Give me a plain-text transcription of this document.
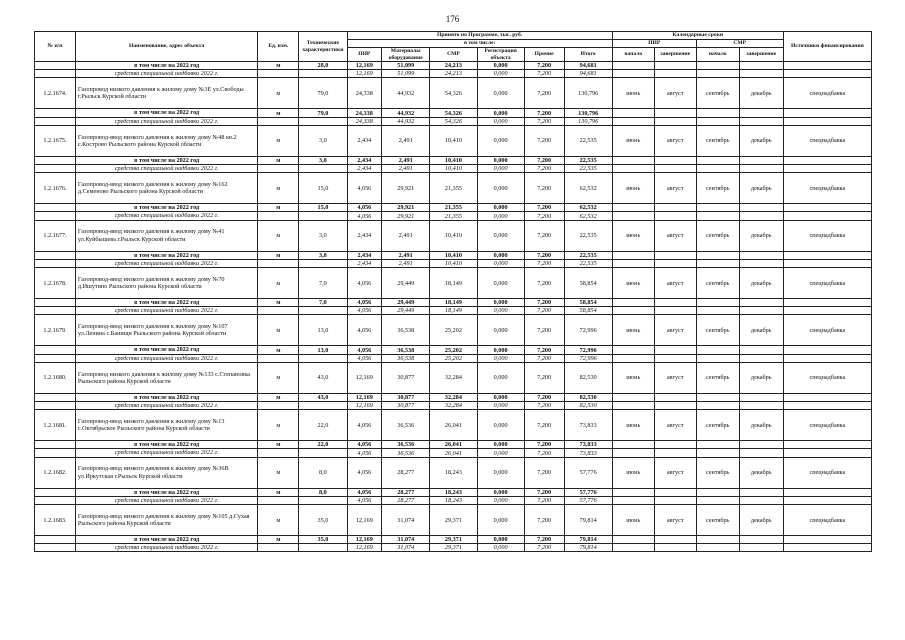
176
№ п/п	Наименование, адрес объекта	Ед. изм.	Технические характеристики	Принято по Программе, тыс. руб.						Календарные сроки				Источники финансирования
				в том числе:						ПИР		СМР		
				ПИР	Материалы оборудование	СМР	Регистрация объекта	Прочие	Итого	начало	завершение	начало	завершение	
	в том числе на 2022 год	м	28,0	12,169	51,099	24,213	0,000	7,200	94,681					
	средства специальной надбавки 2022 г.			12,169	51,099	24,213	0,000	7,200	94,681					
1.2.1674.	Газопровод низкого давления к жилому дому №3Е ул.Свободы г.Рыльск Курской области	м	79,0	24,338	44,932	54,326	0,000	7,200	130,796	июнь	август	сентябрь	декабрь	спецнадбавка
	в том числе на 2022 год	м	79,0	24,338	44,932	54,326	0,000	7,200	130,796					
	средства специальной надбавки 2022 г.			24,338	44,932	54,326	0,000	7,200	130,796					
1.2.1675.	Газопровод-ввод низкого давления к жилому дому №48 кв.2 с.Кострово Рыльского района Курской области	м	3,0	2,434	2,491	10,410	0,000	7,200	22,535	июнь	август	сентябрь	декабрь	спецнадбавка
	в том числе на 2022 год	м	3,0	2,434	2,491	10,410	0,000	7,200	22,535					
	средства специальной надбавки 2022 г.			2,434	2,491	10,410	0,000	7,200	22,535					
1.2.1676.	Газопровод-ввод низкого давления к жилому дому №162 д.Семеново Рыльского района Курской области	м	15,0	4,056	29,921	21,355	0,000	7,200	62,532	июнь	август	сентябрь	декабрь	спецнадбавка
	в том числе на 2022 год	м	15,0	4,056	29,921	21,355	0,000	7,200	62,532					
	средства специальной надбавки 2022 г.			4,056	29,921	21,355	0,000	7,200	62,532					
1.2.1677.	Газопровод-ввод низкого давления к жилому дому №41 ул.Куйбышева г.Рыльск Курской области	м	3,0	2,434	2,491	10,410	0,000	7,200	22,535	июнь	август	сентябрь	декабрь	спецнадбавка
	в том числе на 2022 год	м	3,0	2,434	2,491	10,410	0,000	7,200	22,535					
	средства специальной надбавки 2022 г.			2,434	2,491	10,410	0,000	7,200	22,535					
1.2.1678.	Газопровод-ввод низкого давления к жилому дому №70 д.Ишутино Рыльского района Курской области	м	7,0	4,056	29,449	18,149	0,000	7,200	58,854	июнь	август	сентябрь	декабрь	спецнадбавка
	в том числе на 2022 год	м	7,0	4,056	29,449	18,149	0,000	7,200	58,854					
	средства специальной надбавки 2022 г.			4,056	29,449	18,149	0,000	7,200	58,854					
1.2.1679.	Газопровод-ввод низкого давления к жилому дому №107 ул.Ленина с.Банищи Рыльского района Курской области	м	13,0	4,056	36,538	25,202	0,000	7,200	72,996	июнь	август	сентябрь	декабрь	спецнадбавка
	в том числе на 2022 год	м	13,0	4,056	36,538	25,202	0,000	7,200	72,996					
	средства специальной надбавки 2022 г.			4,056	36,538	25,202	0,000	7,200	72,996					
1.2.1680.	Газопровод низкого давления к жилому дому №133 с.Степановка Рыльского района Курской области	м	43,0	12,169	30,877	32,284	0,000	7,200	82,530	июнь	август	сентябрь	декабрь	спецнадбавка
	в том числе на 2022 год	м	43,0	12,169	30,877	32,284	0,000	7,200	82,530					
	средства специальной надбавки 2022 г.			12,169	30,877	32,284	0,000	7,200	82,530					
1.2.1681.	Газопровод-ввод низкого давления к жилому дому №13 с.Октябрьское Рыльского района Курской области	м	22,0	4,056	36,536	26,041	0,000	7,200	73,833	июнь	август	сентябрь	декабрь	спецнадбавка
	в том числе на 2022 год	м	22,0	4,056	36,536	26,041	0,000	7,200	73,833					
	средства специальной надбавки 2022 г.			4,056	36,536	26,041	0,000	7,200	73,833					
1.2.1682.	Газопровод-ввод низкого давления к жилому дому №36В ул.Иркутская г.Рыльск Курской области	м	8,0	4,056	28,277	18,243	0,000	7,200	57,776	июнь	август	сентябрь	декабрь	спецнадбавка
	в том числе на 2022 год	м	8,0	4,056	28,277	18,243	0,000	7,200	57,776					
	средства специальной надбавки 2022 г.			4,056	28,277	18,243	0,000	7,200	57,776					
1.2.1683.	Газопровод-ввод низкого давления к жилому дому №105 д.Сухая Рыльского района Курской области	м	35,0	12,169	31,074	29,371	0,000	7,200	79,814	июнь	август	сентябрь	декабрь	спецнадбавка
	в том числе на 2022 год	м	35,0	12,169	31,074	29,371	0,000	7,200	79,814					
	средства специальной надбавки 2022 г.			12,169	31,074	29,371	0,000	7,200	79,814					
